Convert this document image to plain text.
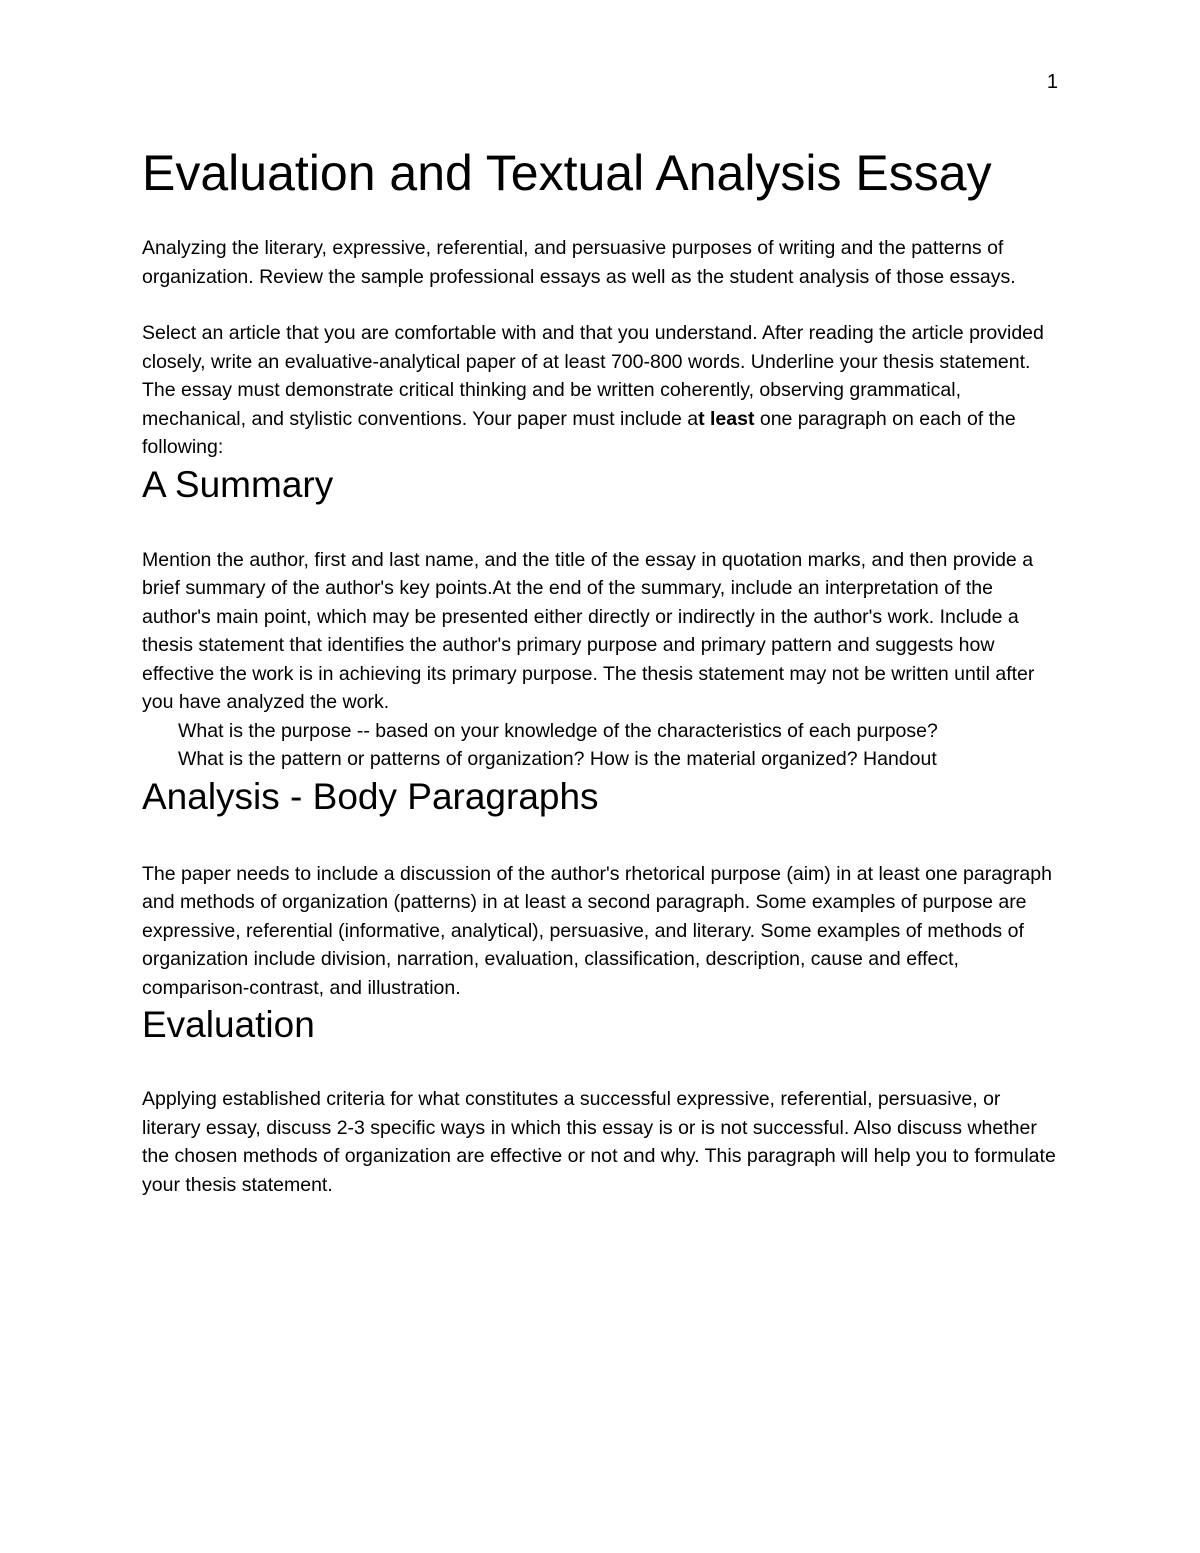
1
Evaluation and Textual Analysis Essay

Analyzing the literary, expressive, referential, and persuasive purposes of writing and the patterns of organization. Review the sample professional essays as well as the student analysis of those essays.

Select an article that you are comfortable with and that you understand. After reading the article provided closely, write an evaluative-analytical paper of at least 700-800 words. Underline your thesis statement. The essay must demonstrate critical thinking and be written coherently, observing grammatical, mechanical, and stylistic conventions. Your paper must include at least one paragraph on each of the following:

A Summary

Mention the author, first and last name, and the title of the essay in quotation marks, and then provide a brief summary of the author's key points.At the end of the summary, include an interpretation of the author's main point, which may be presented either directly or indirectly in the author's work. Include a thesis statement that identifies the author's primary purpose and primary pattern and suggests how effective the work is in achieving its primary purpose. The thesis statement may not be written until after you have analyzed the work.

What is the purpose -- based on your knowledge of the characteristics of each purpose?

What is the pattern or patterns of organization? How is the material organized? Handout

Analysis - Body Paragraphs

The paper needs to include a discussion of the author's rhetorical purpose (aim) in at least one paragraph and methods of organization (patterns) in at least a second paragraph. Some examples of purpose are expressive, referential (informative, analytical), persuasive, and literary. Some examples of methods of organization include division, narration, evaluation, classification, description, cause and effect, comparison-contrast, and illustration.

Evaluation

Applying established criteria for what constitutes a successful expressive, referential, persuasive, or literary essay, discuss 2-3 specific ways in which this essay is or is not successful. Also discuss whether the chosen methods of organization are effective or not and why. This paragraph will help you to formulate your thesis statement.
